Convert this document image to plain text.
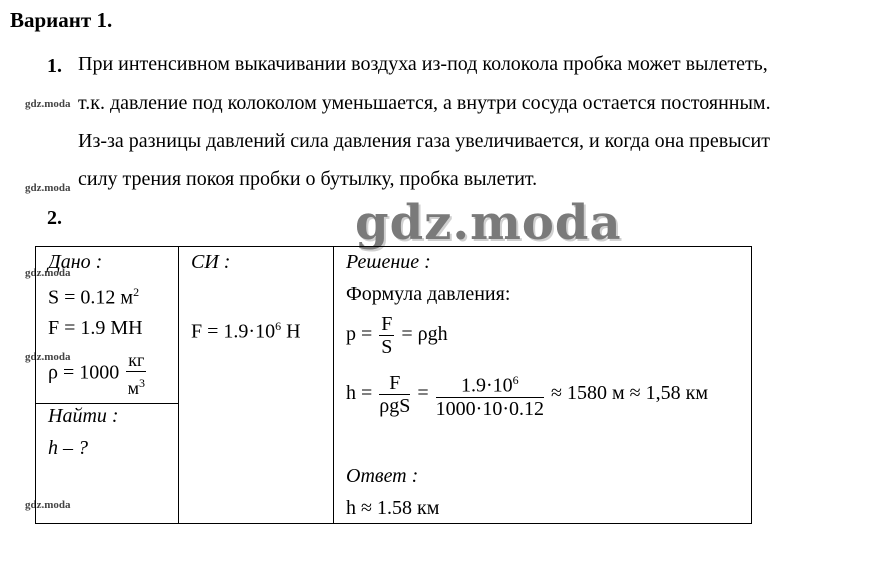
Вариант 1.
1. При интенсивном выкачивании воздуха из-под колокола пробка может вылететь,
т.к. давление под колоколом уменьшается, а внутри сосуда остается постоянным.
Из-за разницы давлений сила давления газа увеличивается, и когда она превысит
силу трения покоя пробки о бутылку, пробка вылетит.
2.	gdz.moda
gdz.moda
gdz.moda
gdz.moda
gdz.moda
gdz.moda
Дано :
S = 0.12 $м^2$
F = 1.9 МН
$\rho = 1000 \frac{кг}{м^3}$
Найти :
h – ?
СИ :
$F = 1.9\cdot 10^6$ Н
Решение :
Формула давления:
$p = \frac{F}{S} = \rho gh$
$h = \frac{F}{\text{ρgS}} = \frac{1.9\cdot 10^6}{1000\cdot 10\cdot 0.12} \approx 1580$ м ≈ 1,58 км
Ответ :
h ≈ 1.58 км
